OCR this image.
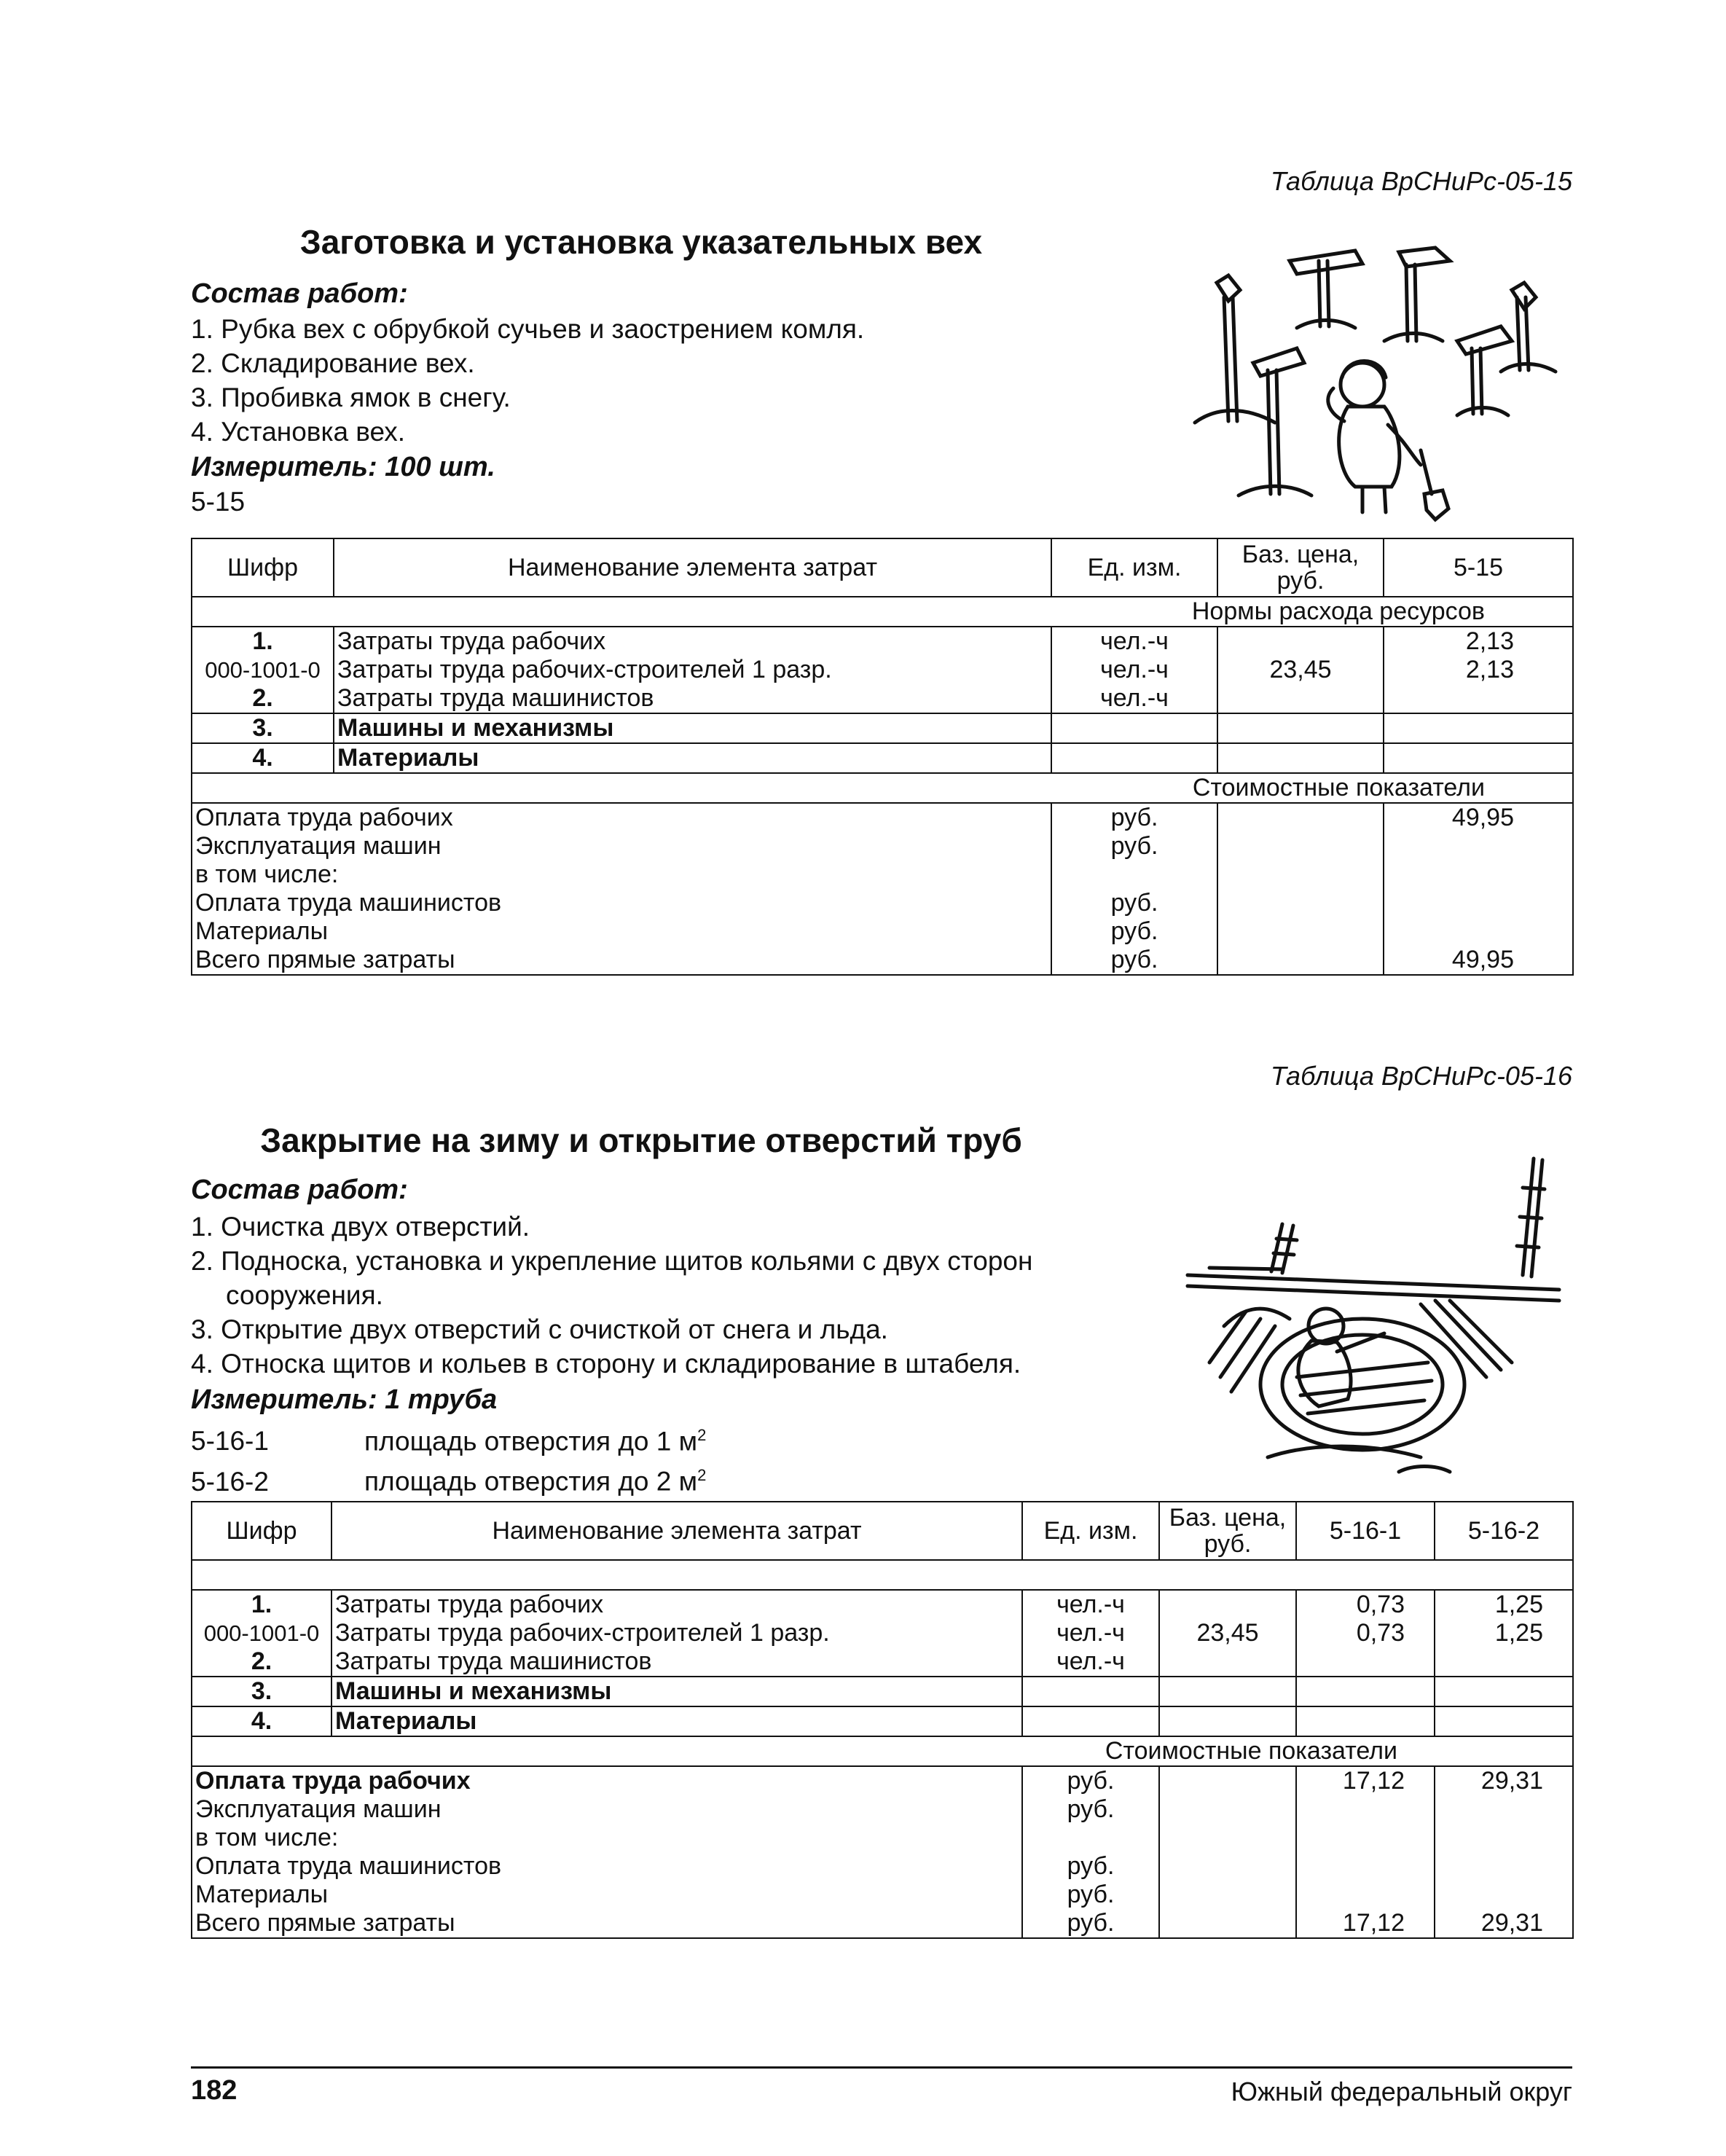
Таблица ВрСНиРс-05-15
Заготовка и установка указательных вех
Состав работ:
1. Рубка вех с обрубкой сучьев и заострением комля.
2. Складирование вех.
3. Пробивка ямок в снегу.
4. Установка вех.
Измеритель: 100 шт.
5-15
Шифр	Наименование элемента затрат	Ед. изм.	Баз. цена, руб.	5-15
Нормы расхода ресурсов				
1.	Затраты труда рабочих	чел.-ч		2,13
000-1001-0	Затраты труда рабочих-строителей 1 разр.	чел.-ч	23,45	2,13
2.	Затраты труда машинистов	чел.-ч		
3.	Машины и механизмы			
4.	Материалы			
Стоимостные показатели				
Оплата труда рабочих		руб.		49,95
Эксплуатация машин		руб.		
в том числе:				
Оплата труда машинистов		руб.		
Материалы		руб.		
Всего прямые затраты		руб.		49,95
Таблица ВрСНиРс-05-16
Закрытие на зиму и открытие отверстий труб
Состав работ:
1. Очистка двух отверстий.
2. Подноска, установка и укрепление щитов кольями с двух сторон сооружения.
3. Открытие двух отверстий с очисткой от снега и льда.
4. Относка щитов и кольев в сторону и складирование в штабеля.
Измеритель: 1 труба
5-16-1	площадь отверстия до 1 $м^2$
5-16-2	площадь отверстия до 2 $м^2$
Шифр	Наименование элемента затрат	Ед. изм.	Баз. цена, руб.	5-16-1	5-16-2

1.	Затраты труда рабочих	чел.-ч		0,73	1,25
000-1001-0	Затраты труда рабочих-строителей 1 разр.	чел.-ч	23,45	0,73	1,25
2.	Затраты труда машинистов	чел.-ч			
3.	Машины и механизмы				
4.	Материалы				
Стоимостные показатели					
Оплата труда рабочих		руб.		17,12	29,31
Эксплуатация машин		руб.			
в том числе:					
Оплата труда машинистов		руб.			
Материалы		руб.			
Всего прямые затраты		руб.		17,12	29,31
182	Южный федеральный округ
